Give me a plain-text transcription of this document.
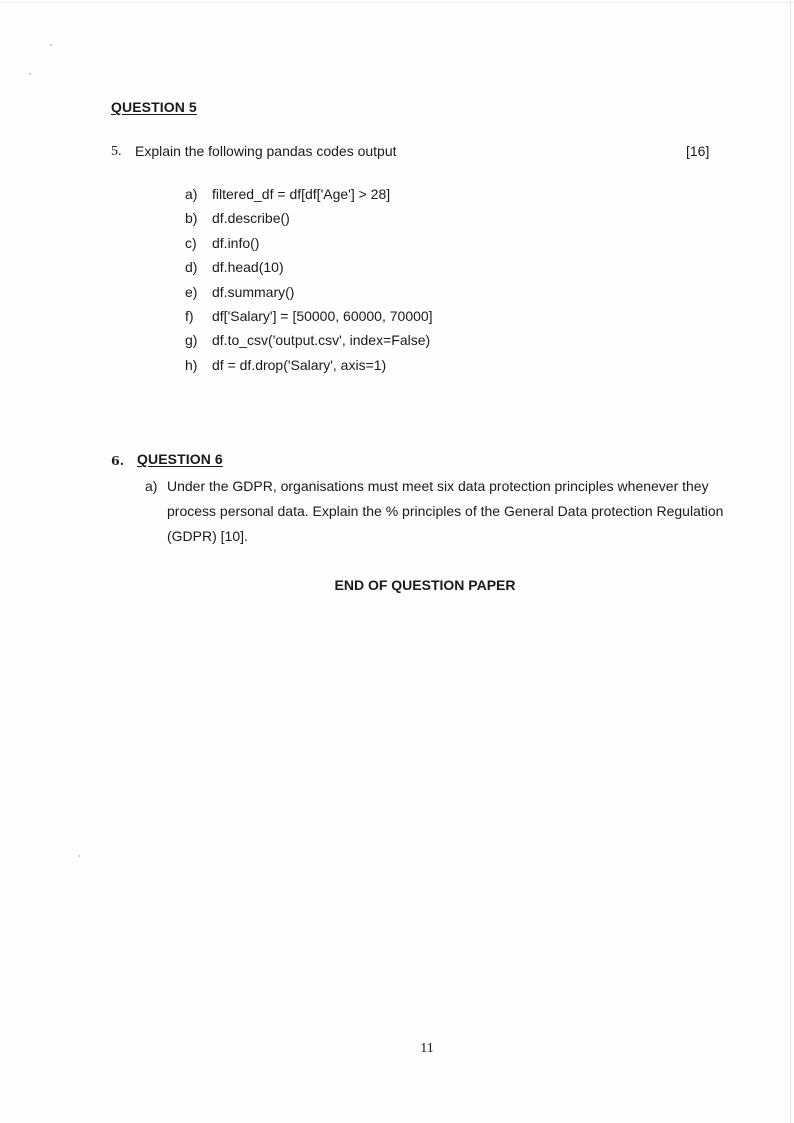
QUESTION 5
5. Explain the following pandas codes output	[16]
a)	filtered_df = df[df['Age'] > 28]
b)	df.describe()
c)	df.info()
d)	df.head(10)
e)	df.summary()
f)	df['Salary'] = [50000, 60000, 70000]
g)	df.to_csv('output.csv', index=False)
h)	df = df.drop('Salary', axis=1)
6. QUESTION 6
a) Under the GDPR, organisations must meet six data protection principles whenever they
process personal data. Explain the % principles of the General Data protection Regulation
(GDPR) [10].
END OF QUESTION PAPER
11
